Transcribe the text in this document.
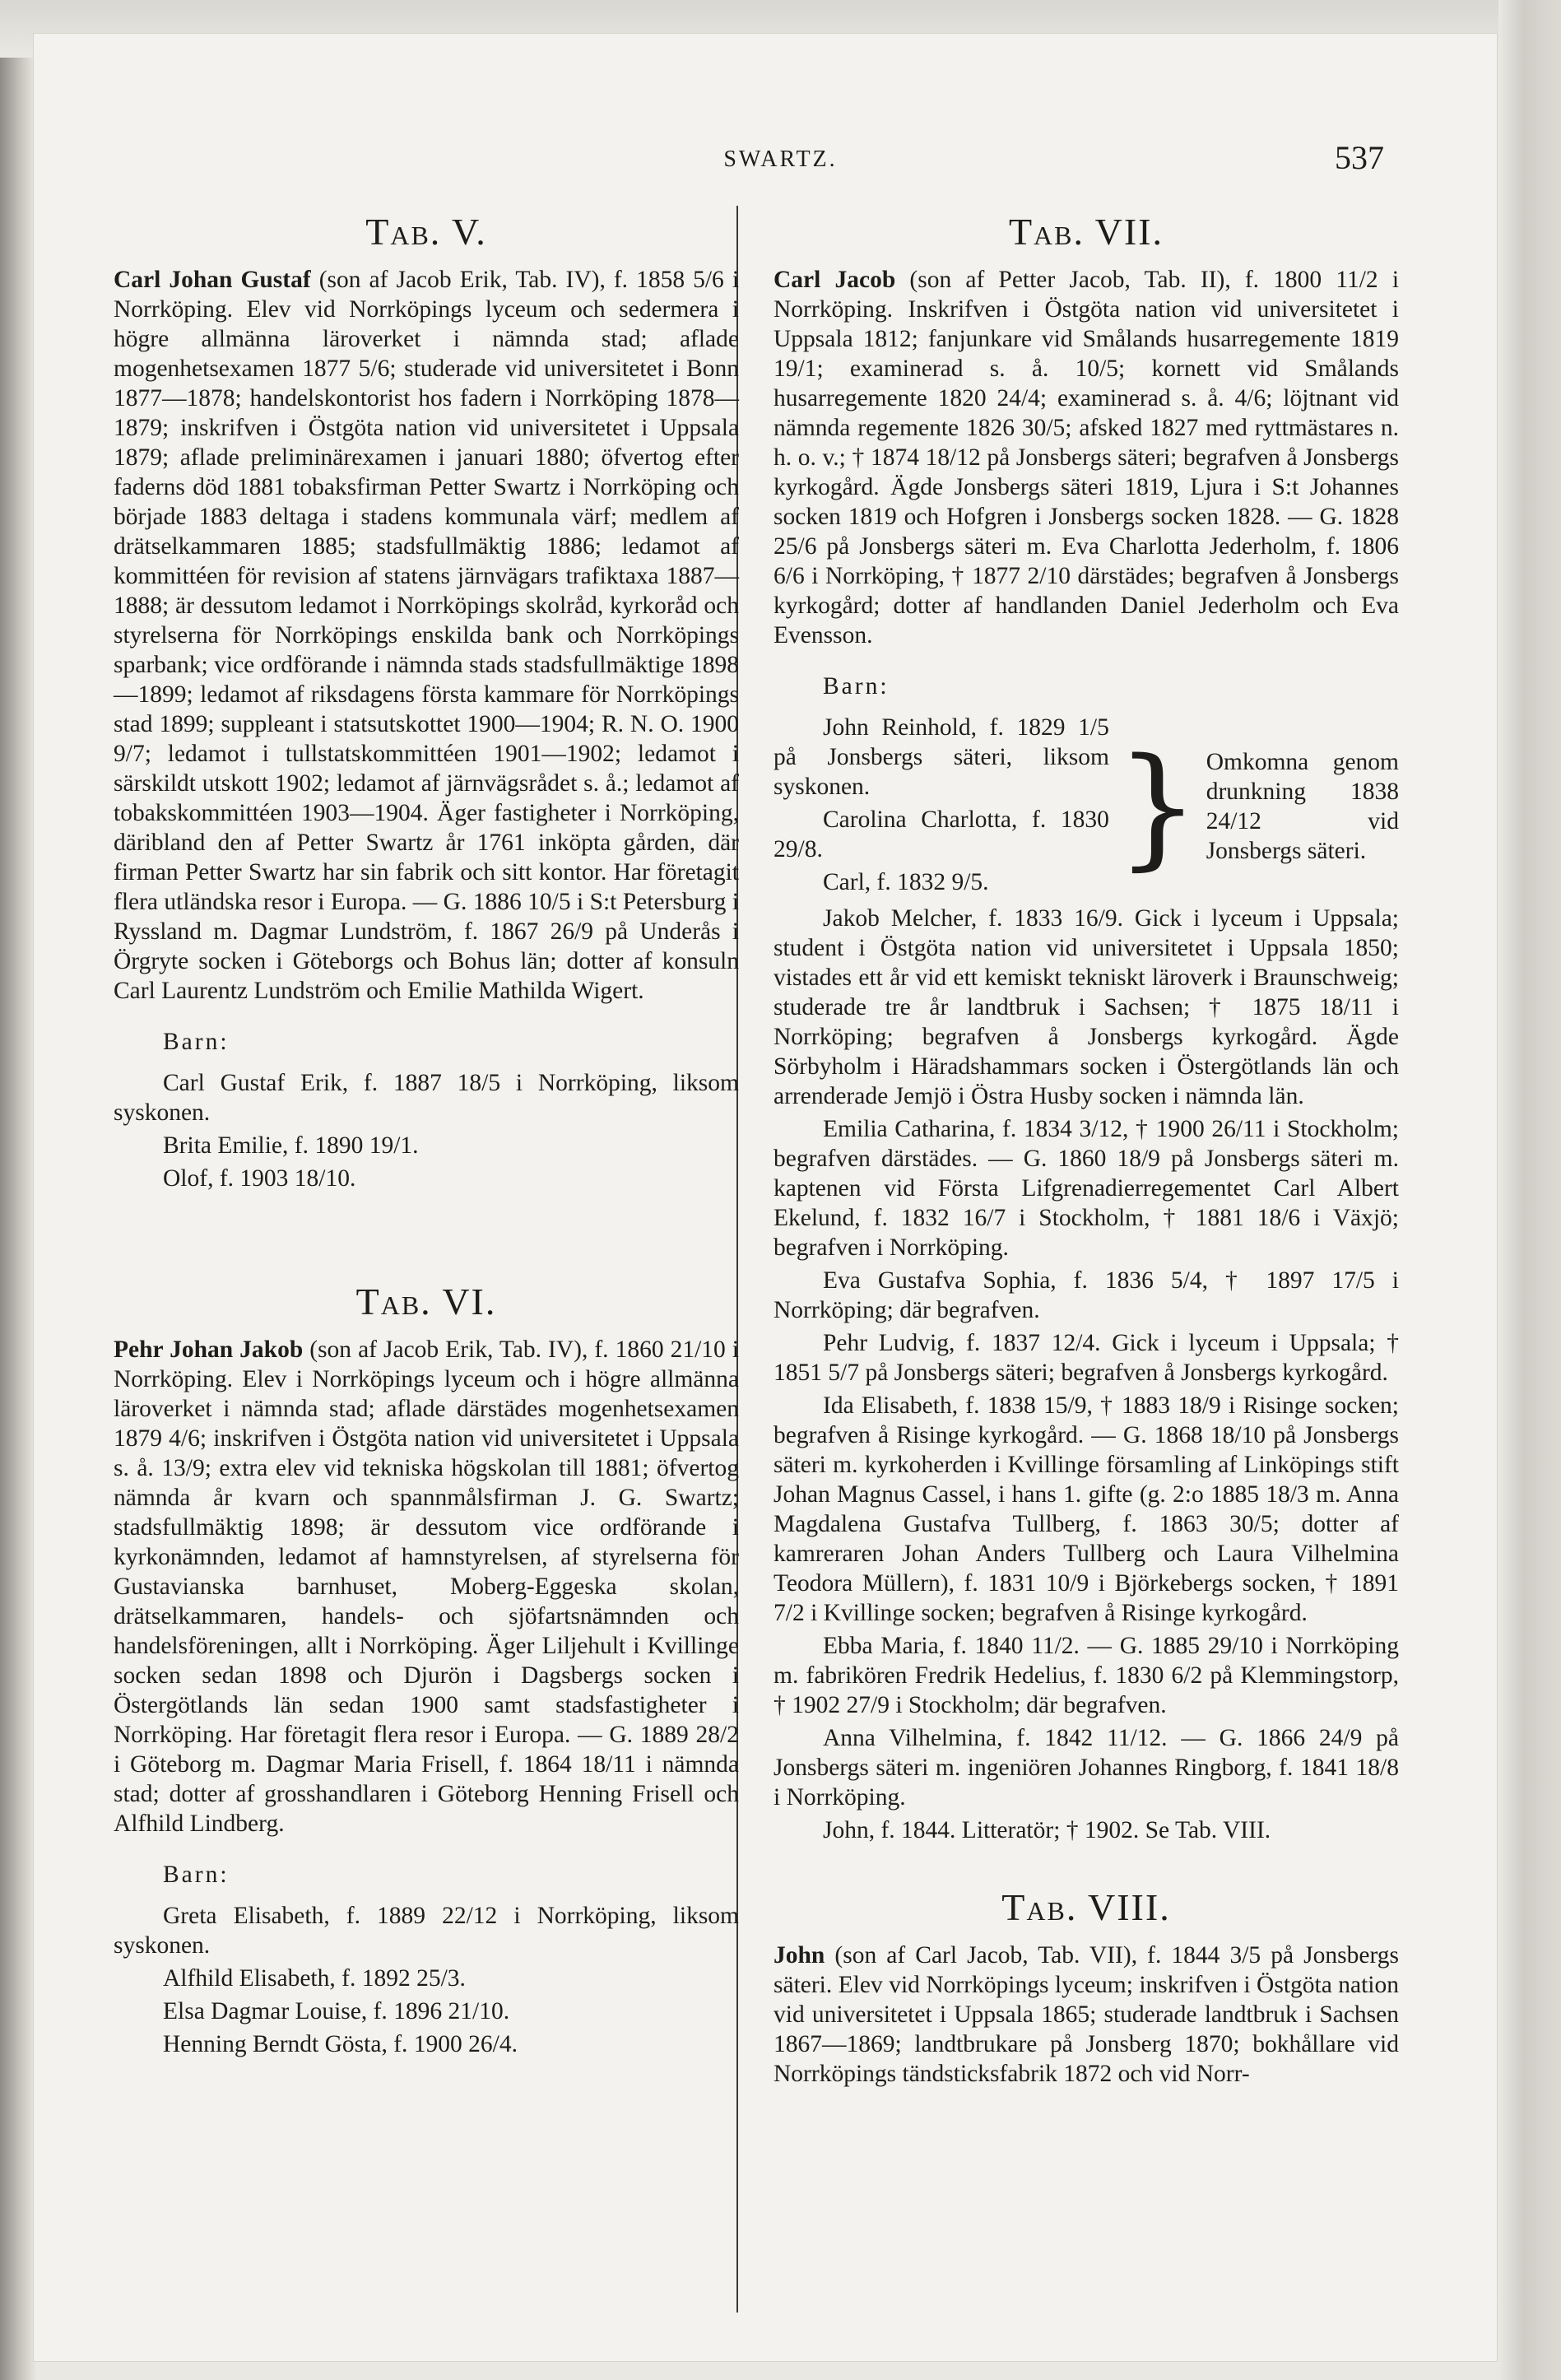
SWARTZ.	537
Tab. V.

Carl Johan Gustaf (son af Jacob Erik, Tab. IV), f. 1858 5/6 i Norrköping. Elev vid Norrköpings lyceum och sedermera i högre allmänna läroverket i nämnda stad; aflade mogenhetsexamen 1877 5/6; studerade vid universitetet i Bonn 1877—1878; handelskontorist hos fadern i Norrköping 1878—1879; inskrifven i Östgöta nation vid universitetet i Uppsala 1879; aflade preliminärexamen i januari 1880; öfvertog efter faderns död 1881 tobaksfirman Petter Swartz i Norrköping och började 1883 deltaga i stadens kommunala värf; medlem af drätselkammaren 1885; stadsfullmäktig 1886; ledamot af kommittéen för revision af statens järnvägars trafiktaxa 1887—1888; är dessutom ledamot i Norrköpings skolråd, kyrkoråd och styrelserna för Norrköpings enskilda bank och Norrköpings sparbank; vice ordförande i nämnda stads stadsfullmäktige 1898—1899; ledamot af riksdagens första kammare för Norrköpings stad 1899; suppleant i statsutskottet 1900—1904; R. N. O. 1900 9/7; ledamot i tullstatskommittéen 1901—1902; ledamot i särskildt utskott 1902; ledamot af järnvägsrådet s. å.; ledamot af tobakskommittéen 1903—1904. Äger fastigheter i Norrköping, däribland den af Petter Swartz år 1761 inköpta gården, där firman Petter Swartz har sin fabrik och sitt kontor. Har företagit flera utländska resor i Europa. — G. 1886 10/5 i S:t Petersburg i Ryssland m. Dagmar Lundström, f. 1867 26/9 på Underås i Örgryte socken i Göteborgs och Bohus län; dotter af konsuln Carl Laurentz Lundström och Emilie Mathilda Wigert.

Barn:

Carl Gustaf Erik, f. 1887 18/5 i Norrköping, liksom syskonen.

Brita Emilie, f. 1890 19/1.

Olof, f. 1903 18/10.

Tab. VI.

Pehr Johan Jakob (son af Jacob Erik, Tab. IV), f. 1860 21/10 i Norrköping. Elev i Norrköpings lyceum och i högre allmänna läroverket i nämnda stad; aflade därstädes mogenhetsexamen 1879 4/6; inskrifven i Östgöta nation vid universitetet i Uppsala s. å. 13/9; extra elev vid tekniska högskolan till 1881; öfvertog nämnda år kvarn och spannmålsfirman J. G. Swartz; stadsfullmäktig 1898; är dessutom vice ordförande i kyrkonämnden, ledamot af hamnstyrelsen, af styrelserna för Gustavianska barnhuset, Moberg-Eggeska skolan, drätselkammaren, handels- och sjöfartsnämnden och handelsföreningen, allt i Norrköping. Äger Liljehult i Kvillinge socken sedan 1898 och Djurön i Dagsbergs socken i Östergötlands län sedan 1900 samt stadsfastigheter i Norrköping. Har företagit flera resor i Europa. — G. 1889 28/2 i Göteborg m. Dagmar Maria Frisell, f. 1864 18/11 i nämnda stad; dotter af grosshandlaren i Göteborg Henning Frisell och Alfhild Lindberg.

Barn:

Greta Elisabeth, f. 1889 22/12 i Norrköping, liksom syskonen.

Alfhild Elisabeth, f. 1892 25/3.

Elsa Dagmar Louise, f. 1896 21/10.

Henning Berndt Gösta, f. 1900 26/4.

Tab. VII.

Carl Jacob (son af Petter Jacob, Tab. II), f. 1800 11/2 i Norrköping. Inskrifven i Östgöta nation vid universitetet i Uppsala 1812; fanjunkare vid Smålands husarregemente 1819 19/1; examinerad s. å. 10/5; kornett vid Smålands husarregemente 1820 24/4; examinerad s. å. 4/6; löjtnant vid nämnda regemente 1826 30/5; afsked 1827 med ryttmästares n. h. o. v.; † 1874 18/12 på Jonsbergs säteri; begrafven å Jonsbergs kyrkogård. Ägde Jonsbergs säteri 1819, Ljura i S:t Johannes socken 1819 och Hofgren i Jonsbergs socken 1828. — G. 1828 25/6 på Jonsbergs säteri m. Eva Charlotta Jederholm, f. 1806 6/6 i Norrköping, † 1877 2/10 därstädes; begrafven å Jonsbergs kyrkogård; dotter af handlanden Daniel Jederholm och Eva Evensson.

Barn:

John Reinhold, f. 1829 1/5 på Jonsbergs säteri, liksom syskonen.

Carolina Charlotta, f. 1830 29/8.

Carl, f. 1832 9/5. } Omkomna genom drunkning 1838 24/12 vid Jonsbergs säteri.

Jakob Melcher, f. 1833 16/9. Gick i lyceum i Uppsala; student i Östgöta nation vid universitetet i Uppsala 1850; vistades ett år vid ett kemiskt tekniskt läroverk i Braunschweig; studerade tre år landtbruk i Sachsen; † 1875 18/11 i Norrköping; begrafven å Jonsbergs kyrkogård. Ägde Sörbyholm i Häradshammars socken i Östergötlands län och arrenderade Jemjö i Östra Husby socken i nämnda län.

Emilia Catharina, f. 1834 3/12, † 1900 26/11 i Stockholm; begrafven därstädes. — G. 1860 18/9 på Jonsbergs säteri m. kaptenen vid Första Lifgrenadierregementet Carl Albert Ekelund, f. 1832 16/7 i Stockholm, † 1881 18/6 i Växjö; begrafven i Norrköping.

Eva Gustafva Sophia, f. 1836 5/4, † 1897 17/5 i Norrköping; där begrafven.

Pehr Ludvig, f. 1837 12/4. Gick i lyceum i Uppsala; † 1851 5/7 på Jonsbergs säteri; begrafven å Jonsbergs kyrkogård.

Ida Elisabeth, f. 1838 15/9, † 1883 18/9 i Risinge socken; begrafven å Risinge kyrkogård. — G. 1868 18/10 på Jonsbergs säteri m. kyrkoherden i Kvillinge församling af Linköpings stift Johan Magnus Cassel, i hans 1. gifte (g. 2:o 1885 18/3 m. Anna Magdalena Gustafva Tullberg, f. 1863 30/5; dotter af kamreraren Johan Anders Tullberg och Laura Vilhelmina Teodora Müllern), f. 1831 10/9 i Björkebergs socken, † 1891 7/2 i Kvillinge socken; begrafven å Risinge kyrkogård.

Ebba Maria, f. 1840 11/2. — G. 1885 29/10 i Norrköping m. fabrikören Fredrik Hedelius, f. 1830 6/2 på Klemmingstorp, † 1902 27/9 i Stockholm; där begrafven.

Anna Vilhelmina, f. 1842 11/12. — G. 1866 24/9 på Jonsbergs säteri m. ingeniören Johannes Ringborg, f. 1841 18/8 i Norrköping.

John, f. 1844. Litteratör; † 1902. Se Tab. VIII.

Tab. VIII.

John (son af Carl Jacob, Tab. VII), f. 1844 3/5 på Jonsbergs säteri. Elev vid Norrköpings lyceum; inskrifven i Östgöta nation vid universitetet i Uppsala 1865; studerade landtbruk i Sachsen 1867—1869; landtbrukare på Jonsberg 1870; bokhållare vid Norrköpings tändsticksfabrik 1872 och vid Norr-
